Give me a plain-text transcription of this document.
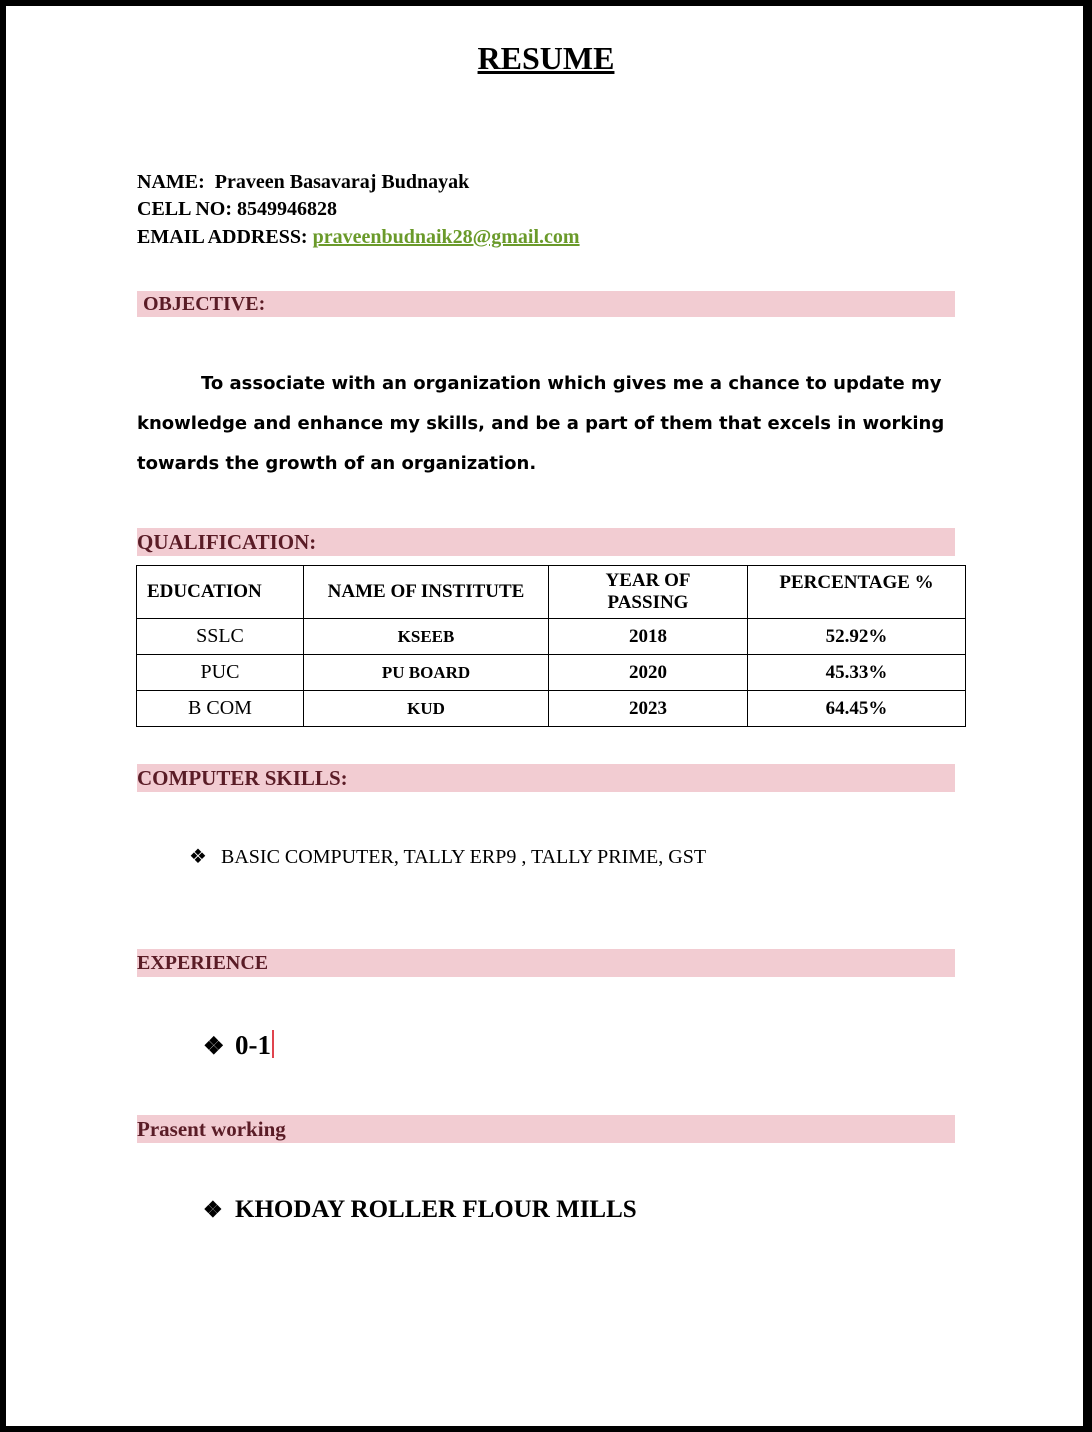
RESUME
NAME: Praveen Basavaraj Budnayak
CELL NO: 8549946828
EMAIL ADDRESS: praveenbudnaik28@gmail.com
OBJECTIVE:
To associate with an organization which gives me a chance to update my knowledge and enhance my skills, and be a part of them that excels in working towards the growth of an organization.
QUALIFICATION:
EDUCATION	NAME OF INSTITUTE	YEAR OF PASSING	PERCENTAGE %
SSLC	KSEEB	2018	52.92%
PUC	PU BOARD	2020	45.33%
B COM	KUD	2023	64.45%
COMPUTER SKILLS:
❖ BASIC COMPUTER, TALLY ERP9 , TALLY PRIME, GST
EXPERIENCE
❖ 0-1
Prasent working
❖ KHODAY ROLLER FLOUR MILLS
